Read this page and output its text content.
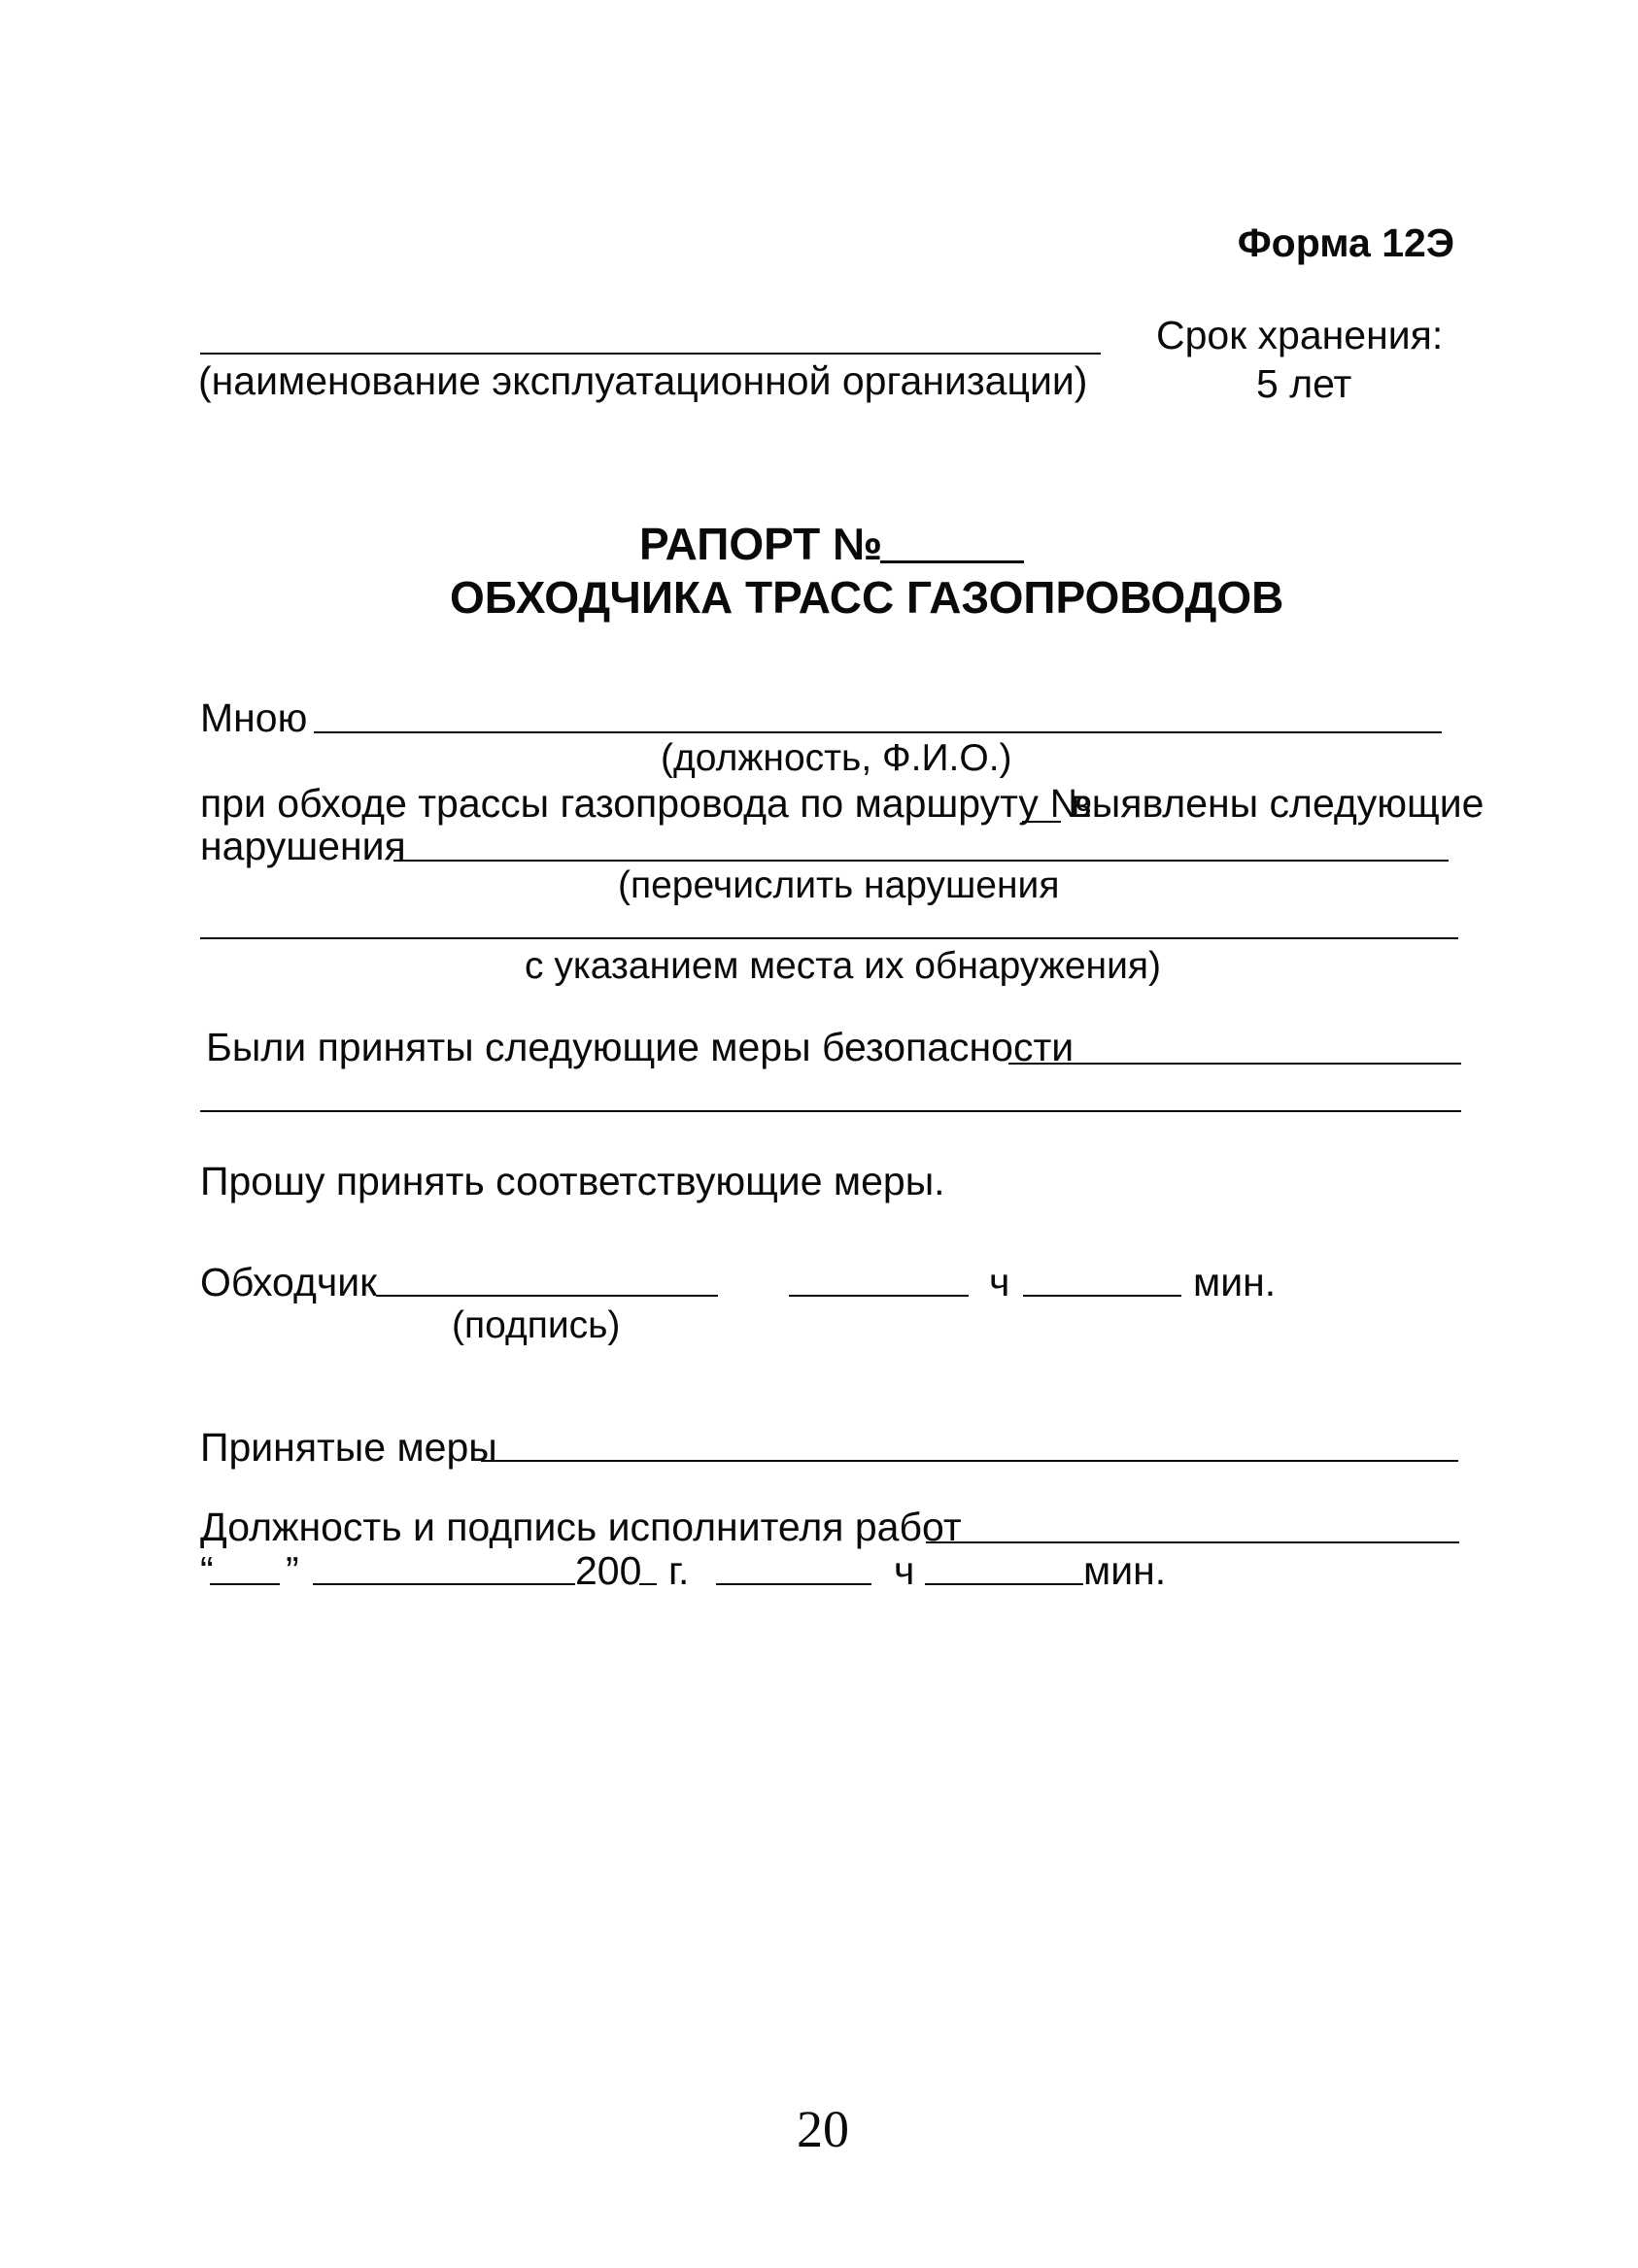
Форма 12Э
(наименование эксплуатационной организации)
Срок хранения:
5 лет
РАПОРТ №
ОБХОДЧИКА ТРАСС ГАЗОПРОВОДОВ
Мною
(должность, Ф.И.О.)
при обходе трассы газопровода по маршруту №
выявлены следующие
нарушения
(перечислить нарушения
с указанием места их обнаружения)
Были приняты следующие меры безопасности
Прошу принять соответствующие меры.
Обходчик	ч	мин.
(подпись)
Принятые меры
Должность и подпись исполнителя работ
“ ”	200 г.	ч	мин.
20
